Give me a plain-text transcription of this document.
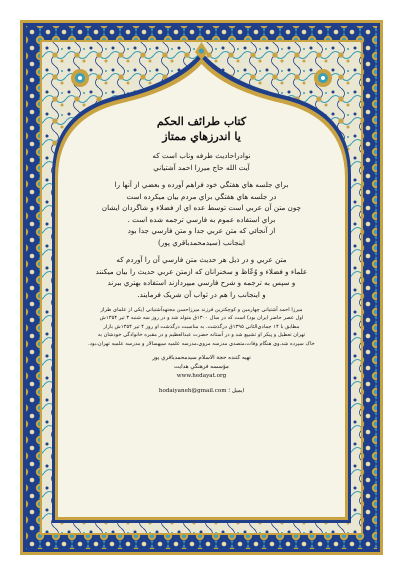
کتاب طرائف الحکم
یا اندرزهاي ممتاز
نوادراحادیث طرفه وناب است که
آیت الله حاج میرزا احمد آشتیاني
براي جلسه هاي هفتگي خود فراهم آورده و بعضي از آنها را
در جلسه هاي هفتگي براي مردم بیان میکرده است
چون متن آن عربي است توسط عده اي از فضلاء و شاگردان ایشان
براي استفاده عموم به فارسي ترجمه شده است .
از آنجائي که متن عربي جدا و متن فارسي جدا بود
اینجانب (سیدمحمدباقري پور)
متن عربي و در ذیل هر حدیث متن فارسي آن را آوردم که
علماء و فضلاء و وُعّاظ و سخنرانان که ازمتن عربي حدیث را بیان میکنند
و سپس به ترجمه و شرح فارسي میپردازند استفاده بهتري ببرند
و اینجانب را هم در ثواب آن شریک فرمایند.
میرزا احمد آشتیاني چهارمین و کوچکترین فرزند میرزاحسن مجتهدآشتیاني (یکي از علماي طراز
اول عصر حاضر ایران بود) است که در سال ۱۳۰۰ق متولد شد و در روز سه شنبه ۳ تیر ۱۳۵۴ش
مطابق با ۱۴ جمادي‌الثاني ۱۳۹۵ق درگذشت. به مناسبت درگذشت او روز ۴ تیر ۱۳۵۴ش بازار
تهران تعطیل و پیکر او تشییع شد و در آستانه حضرت عبدالعظیم و در مقبره خانوادگي خودشان به
خاک سپرده شد.وي هنگام وفات،متصدي مدرسه مروي،مدرسه علمیه سپهسالار و مدرسه علمیه تهران،بود.
تهیه کننده حجة الاسلام سیدمحمدباقري پور
مؤسسه فرهنگي هدایت
www.hedayat.org
ایمیل ؛ hodaiyaneh@gmail.com
